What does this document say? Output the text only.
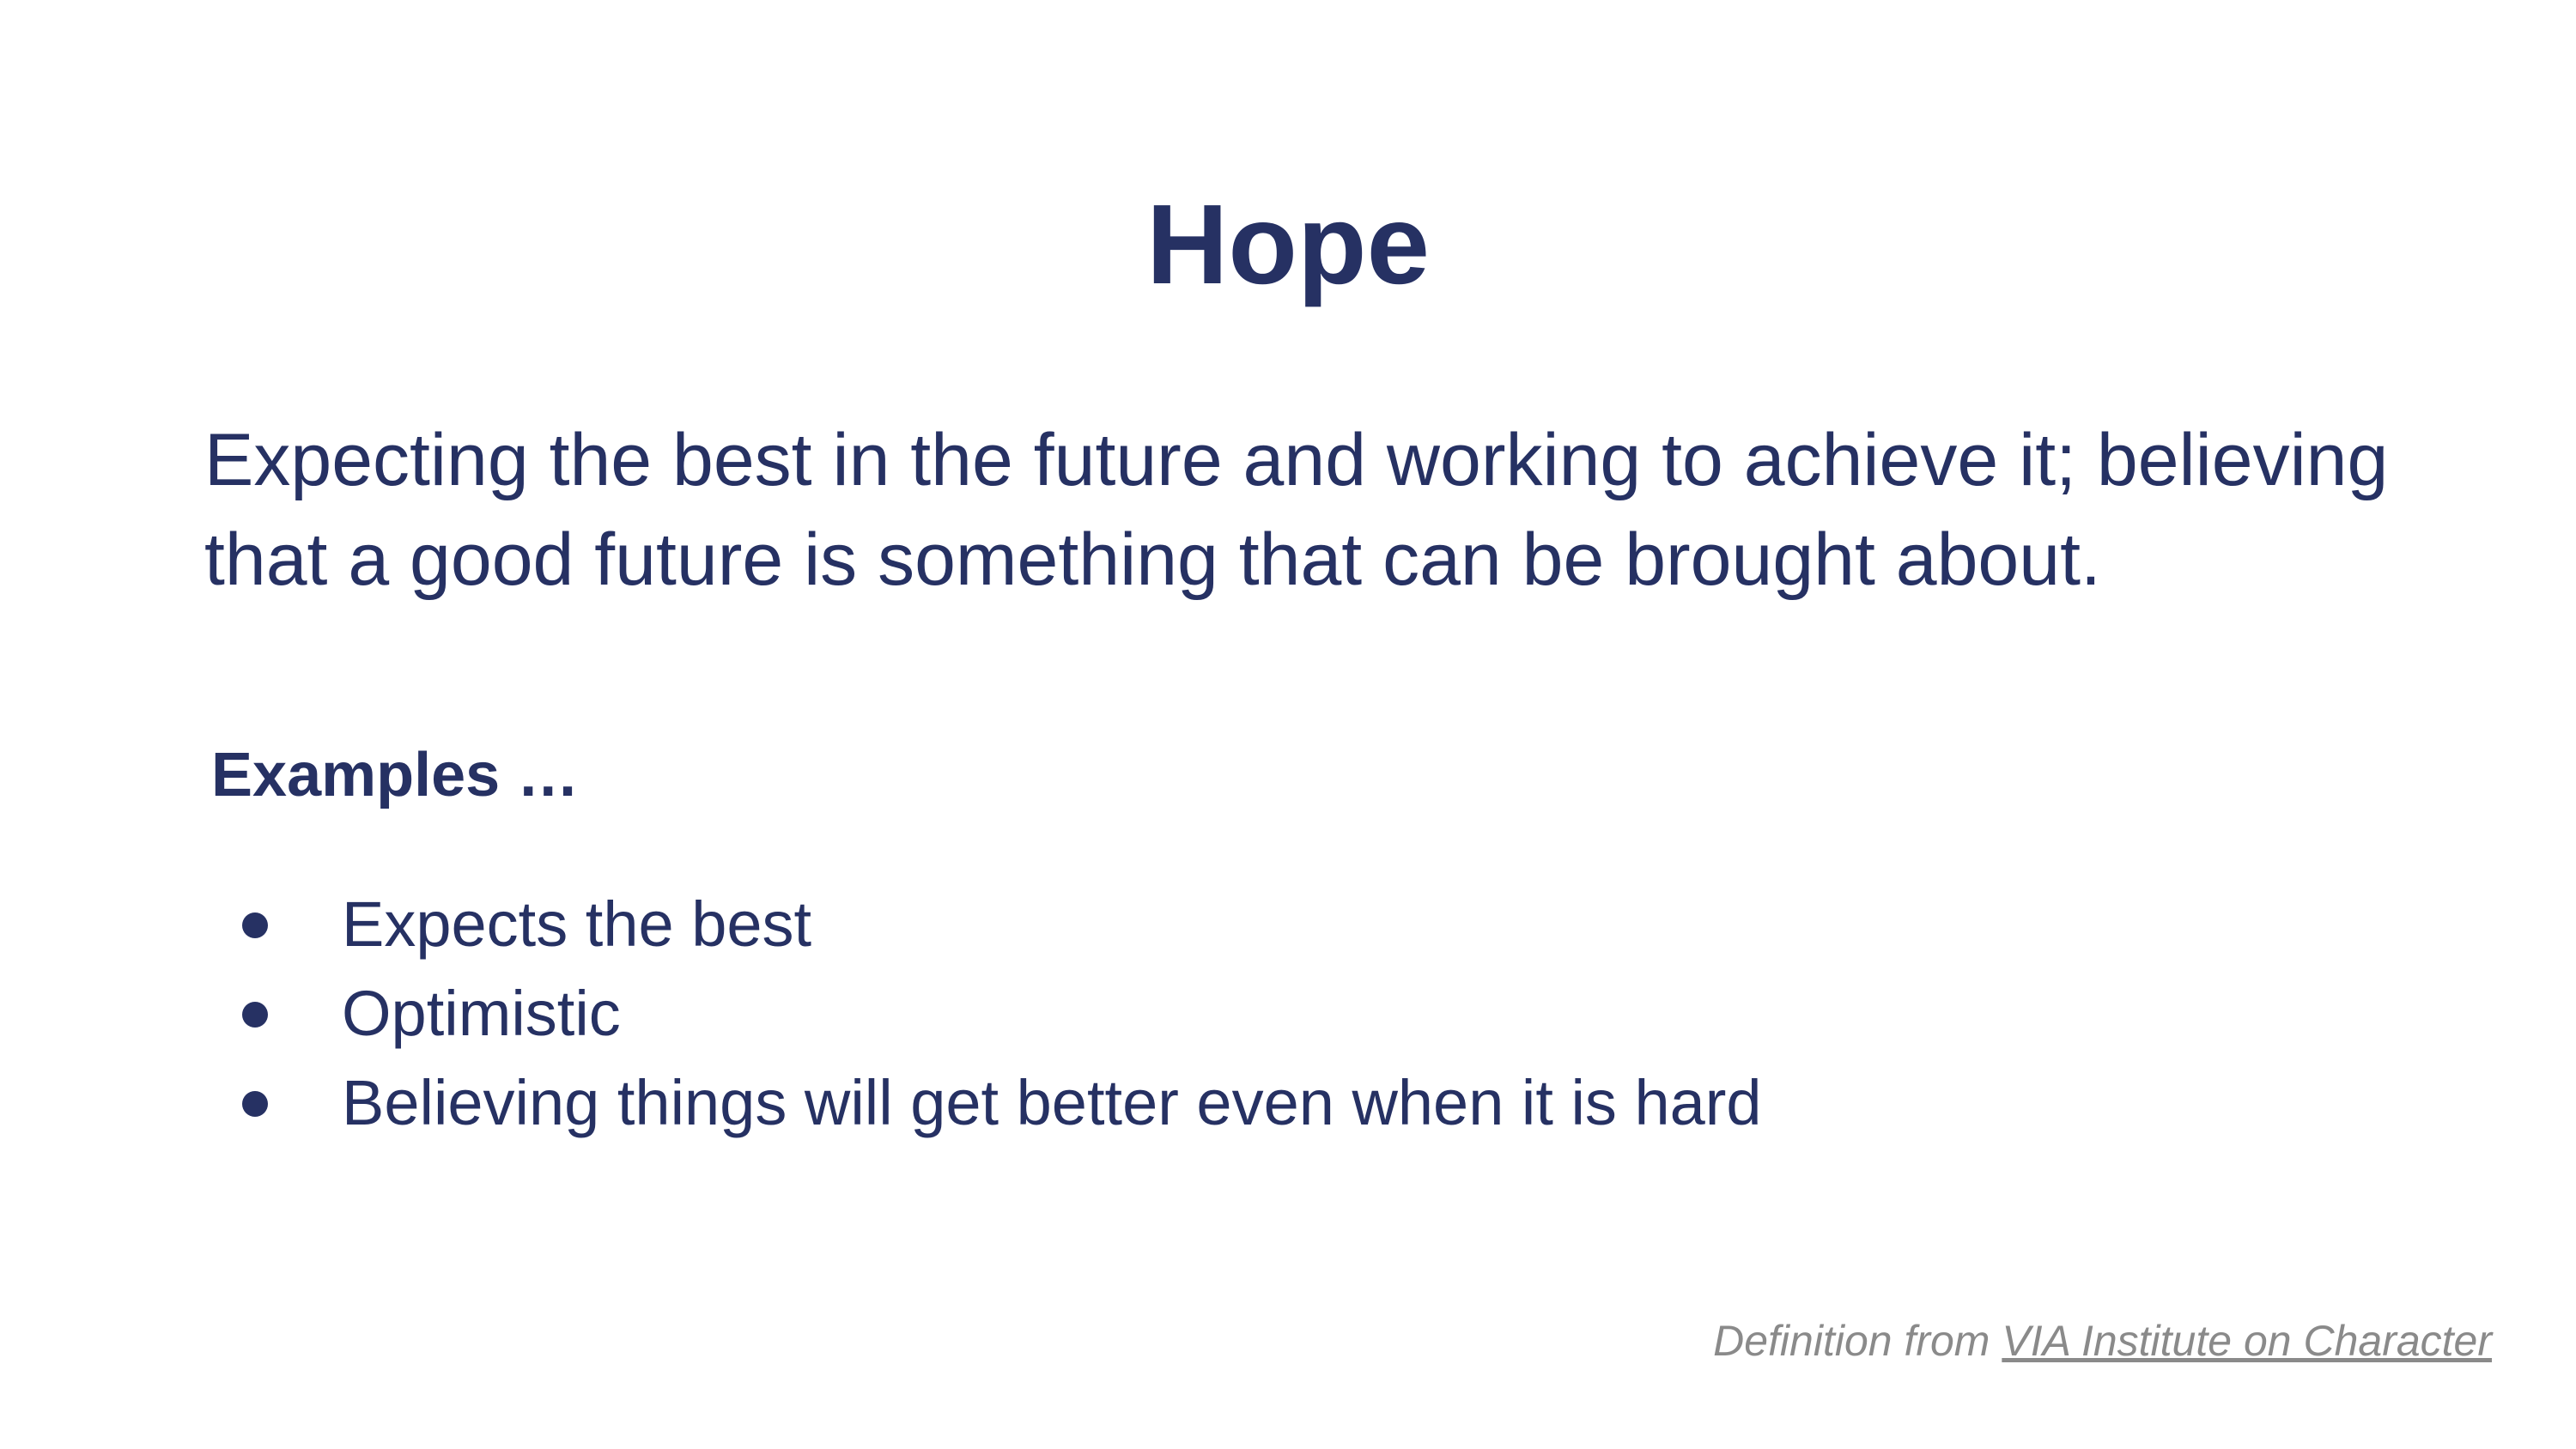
Hope

Expecting the best in the future and working to achieve it; believing that a good future is something that can be brought about.

Examples …
Expects the best
Optimistic
Believing things will get better even when it is hard
Definition from VIA Institute on Character
